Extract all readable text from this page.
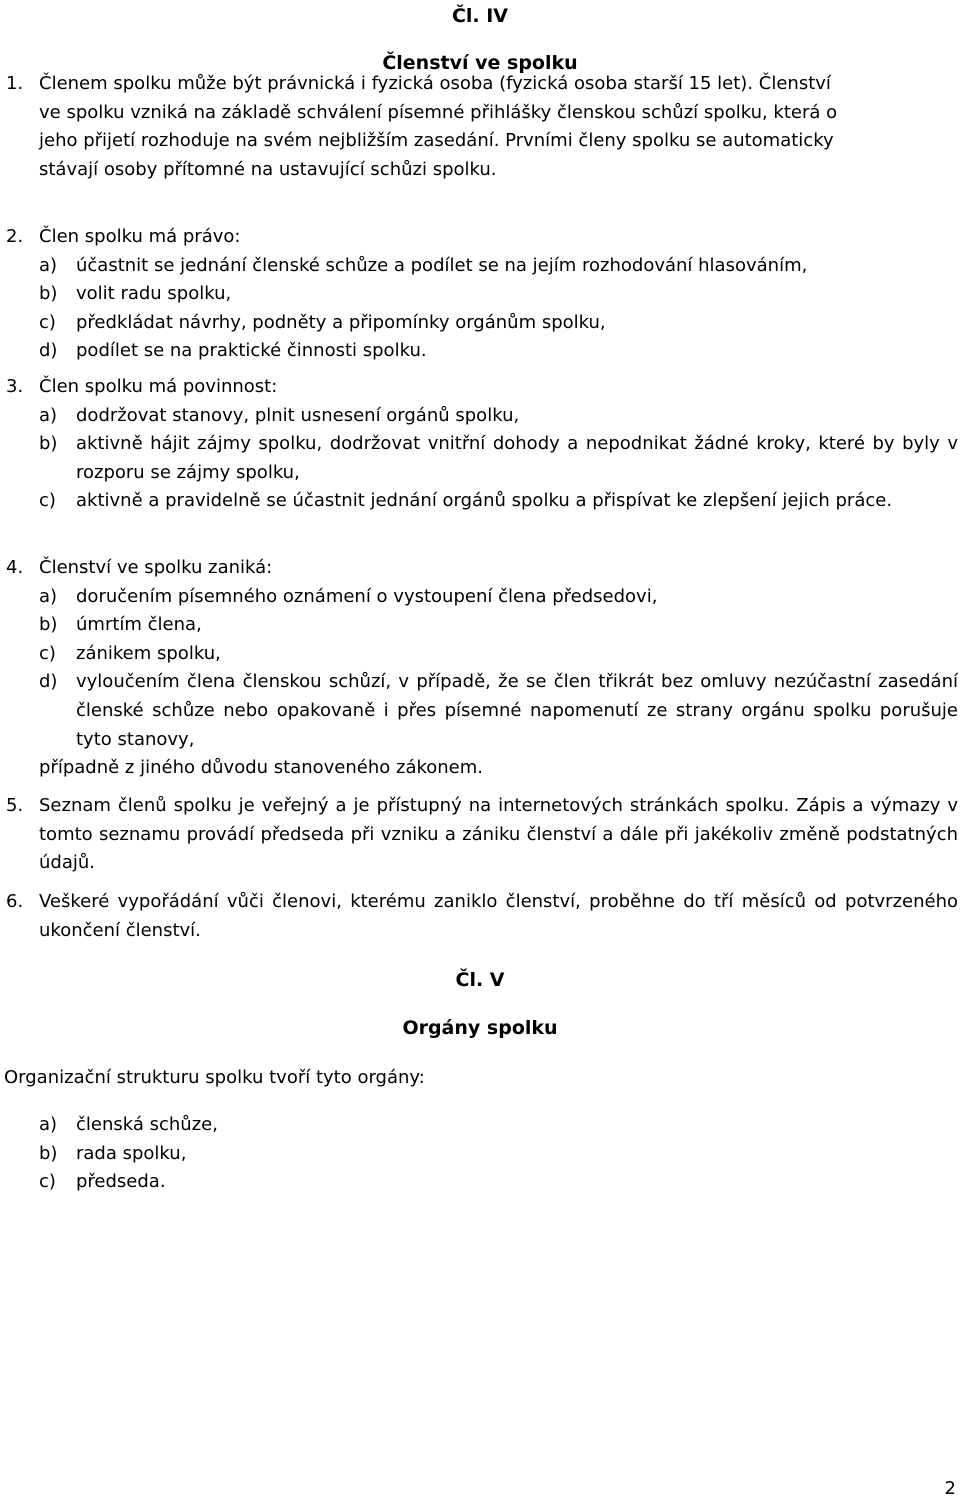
Čl. IV
Členství ve spolku
1. Členem spolku může být právnická i fyzická osoba (fyzická osoba starší 15 let). Členství
ve spolku vzniká na základě schválení písemné přihlášky členskou schůzí spolku, která o
jeho přijetí rozhoduje na svém nejbližším zasedání. Prvními členy spolku se automaticky
stávají osoby přítomné na ustavující schůzi spolku.
2. Člen spolku má právo:
a) účastnit se jednání členské schůze a podílet se na jejím rozhodování hlasováním,
b) volit radu spolku,
c) předkládat návrhy, podněty a připomínky orgánům spolku,
d) podílet se na praktické činnosti spolku.
3. Člen spolku má povinnost:
a) dodržovat stanovy, plnit usnesení orgánů spolku,
b) aktivně hájit zájmy spolku, dodržovat vnitřní dohody a nepodnikat žádné kroky, které by byly v rozporu se zájmy spolku,
c) aktivně a pravidelně se účastnit jednání orgánů spolku a přispívat ke zlepšení jejich práce.
4. Členství ve spolku zaniká:
a) doručením písemného oznámení o vystoupení člena předsedovi,
b) úmrtím člena,
c) zánikem spolku,
d) vyloučením člena členskou schůzí, v případě, že se člen třikrát bez omluvy nezúčastní zasedání členské schůze nebo opakovaně i přes písemné napomenutí ze strany orgánu spolku porušuje tyto stanovy,
případně z jiného důvodu stanoveného zákonem.
5. Seznam členů spolku je veřejný a je přístupný na internetových stránkách spolku. Zápis a výmazy v tomto seznamu provádí předseda při vzniku a zániku členství a dále při jakékoliv změně podstatných údajů.
6. Veškeré vypořádání vůči členovi, kterému zaniklo členství, proběhne do tří měsíců od potvrzeného ukončení členství.
Čl. V
Orgány spolku
Organizační strukturu spolku tvoří tyto orgány:
a) členská schůze,
b) rada spolku,
c) předseda.
2
